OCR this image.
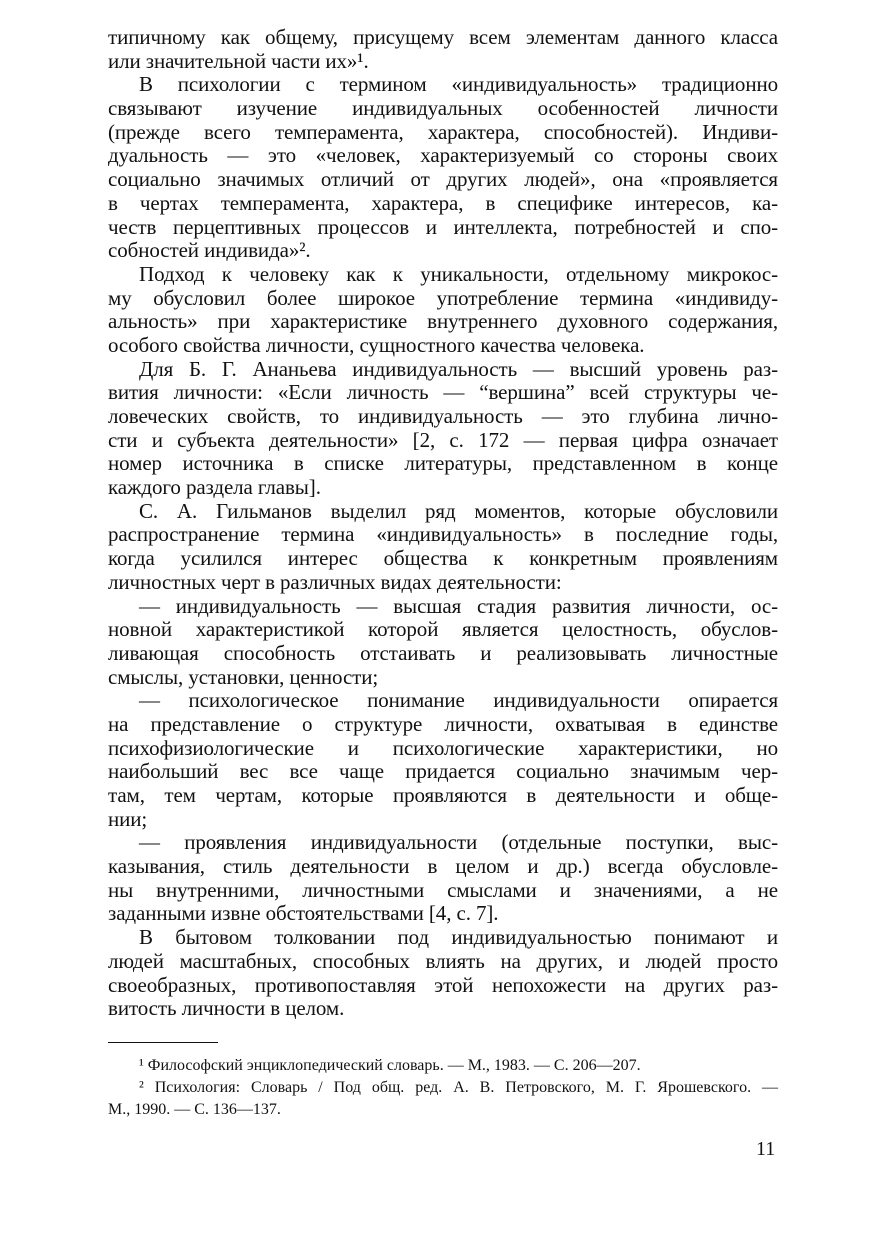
типичному как общему, присущему всем элементам данного класса
или значительной части их»¹.
В психологии с термином «индивидуальность» традиционно
связывают изучение индивидуальных особенностей личности
(прежде всего темперамента, характера, способностей). Индиви-
дуальность — это «человек, характеризуемый со стороны своих
социально значимых отличий от других людей», она «проявляется
в чертах темперамента, характера, в специфике интересов, ка-
честв перцептивных процессов и интеллекта, потребностей и спо-
собностей индивида»².
Подход к человеку как к уникальности, отдельному микрокос-
му обусловил более широкое употребление термина «индивиду-
альность» при характеристике внутреннего духовного содержания,
особого свойства личности, сущностного качества человека.
Для Б. Г. Ананьева индивидуальность — высший уровень раз-
вития личности: «Если личность — “вершина” всей структуры че-
ловеческих свойств, то индивидуальность — это глубина лично-
сти и субъекта деятельности» [2, с. 172 — первая цифра означает
номер источника в списке литературы, представленном в конце
каждого раздела главы].
С. А. Гильманов выделил ряд моментов, которые обусловили
распространение термина «индивидуальность» в последние годы,
когда усилился интерес общества к конкретным проявлениям
личностных черт в различных видах деятельности:
— индивидуальность — высшая стадия развития личности, ос-
новной характеристикой которой является целостность, обуслов-
ливающая способность отстаивать и реализовывать личностные
смыслы, установки, ценности;
— психологическое понимание индивидуальности опирается
на представление о структуре личности, охватывая в единстве
психофизиологические и психологические характеристики, но
наибольший вес все чаще придается социально значимым чер-
там, тем чертам, которые проявляются в деятельности и обще-
нии;
— проявления индивидуальности (отдельные поступки, выс-
казывания, стиль деятельности в целом и др.) всегда обусловле-
ны внутренними, личностными смыслами и значениями, а не
заданными извне обстоятельствами [4, с. 7].
В бытовом толковании под индивидуальностью понимают и
людей масштабных, способных влиять на других, и людей просто
своеобразных, противопоставляя этой непохожести на других раз-
витость личности в целом.
¹ Философский энциклопедический словарь. — М., 1983. — С. 206—207.
² Психология: Словарь / Под общ. ред. А. В. Петровского, М. Г. Ярошевского. —
М., 1990. — С. 136—137.
11
